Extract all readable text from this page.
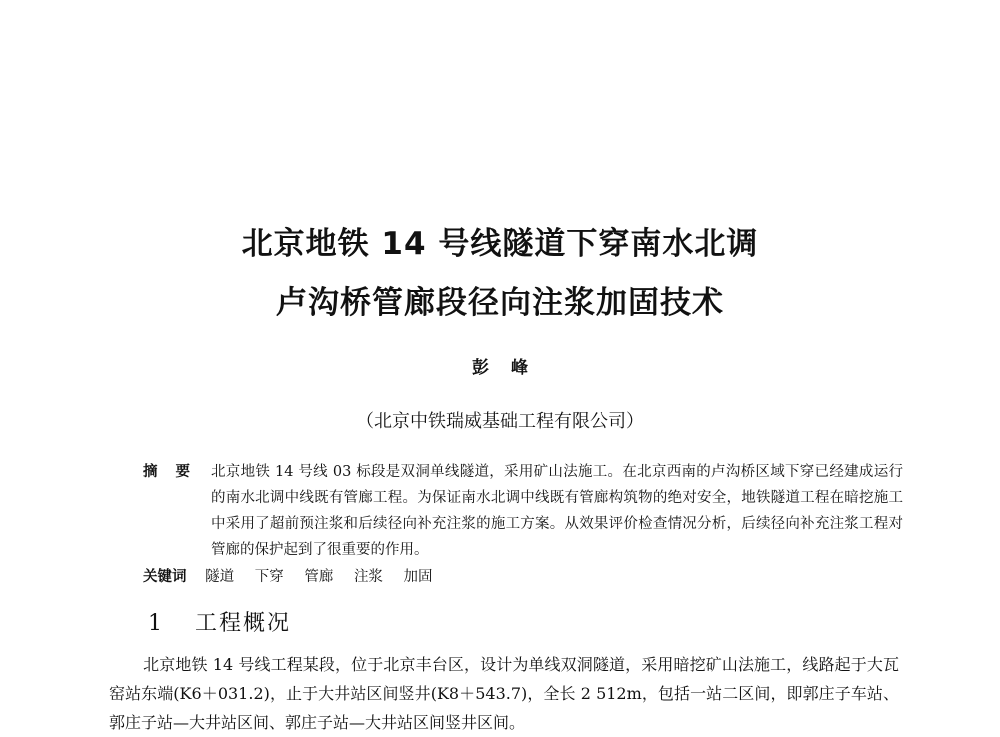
北京地铁 14 号线隧道下穿南水北调
卢沟桥管廊段径向注浆加固技术
彭峰
（北京中铁瑞威基础工程有限公司）
摘要 北京地铁 14 号线 03 标段是双洞单线隧道，采用矿山法施工。在北京西南的卢沟桥区域下穿已经建成运行的南水北调中线既有管廊工程。为保证南水北调中线既有管廊构筑物的绝对安全，地铁隧道工程在暗挖施工中采用了超前预注浆和后续径向补充注浆的施工方案。从效果评价检查情况分析，后续径向补充注浆工程对管廊的保护起到了很重要的作用。
关键词 隧道 下穿 管廊 注浆 加固
1 工程概况
北京地铁 14 号线工程某段，位于北京丰台区，设计为单线双洞隧道，采用暗挖矿山法施工，线路起于大瓦窑站东端(K6＋031.2)，止于大井站区间竖井(K8＋543.7)，全长 2 512m，包括一站二区间，即郭庄子车站、郭庄子站—大井站区间、郭庄子站—大井站区间竖井区间。
